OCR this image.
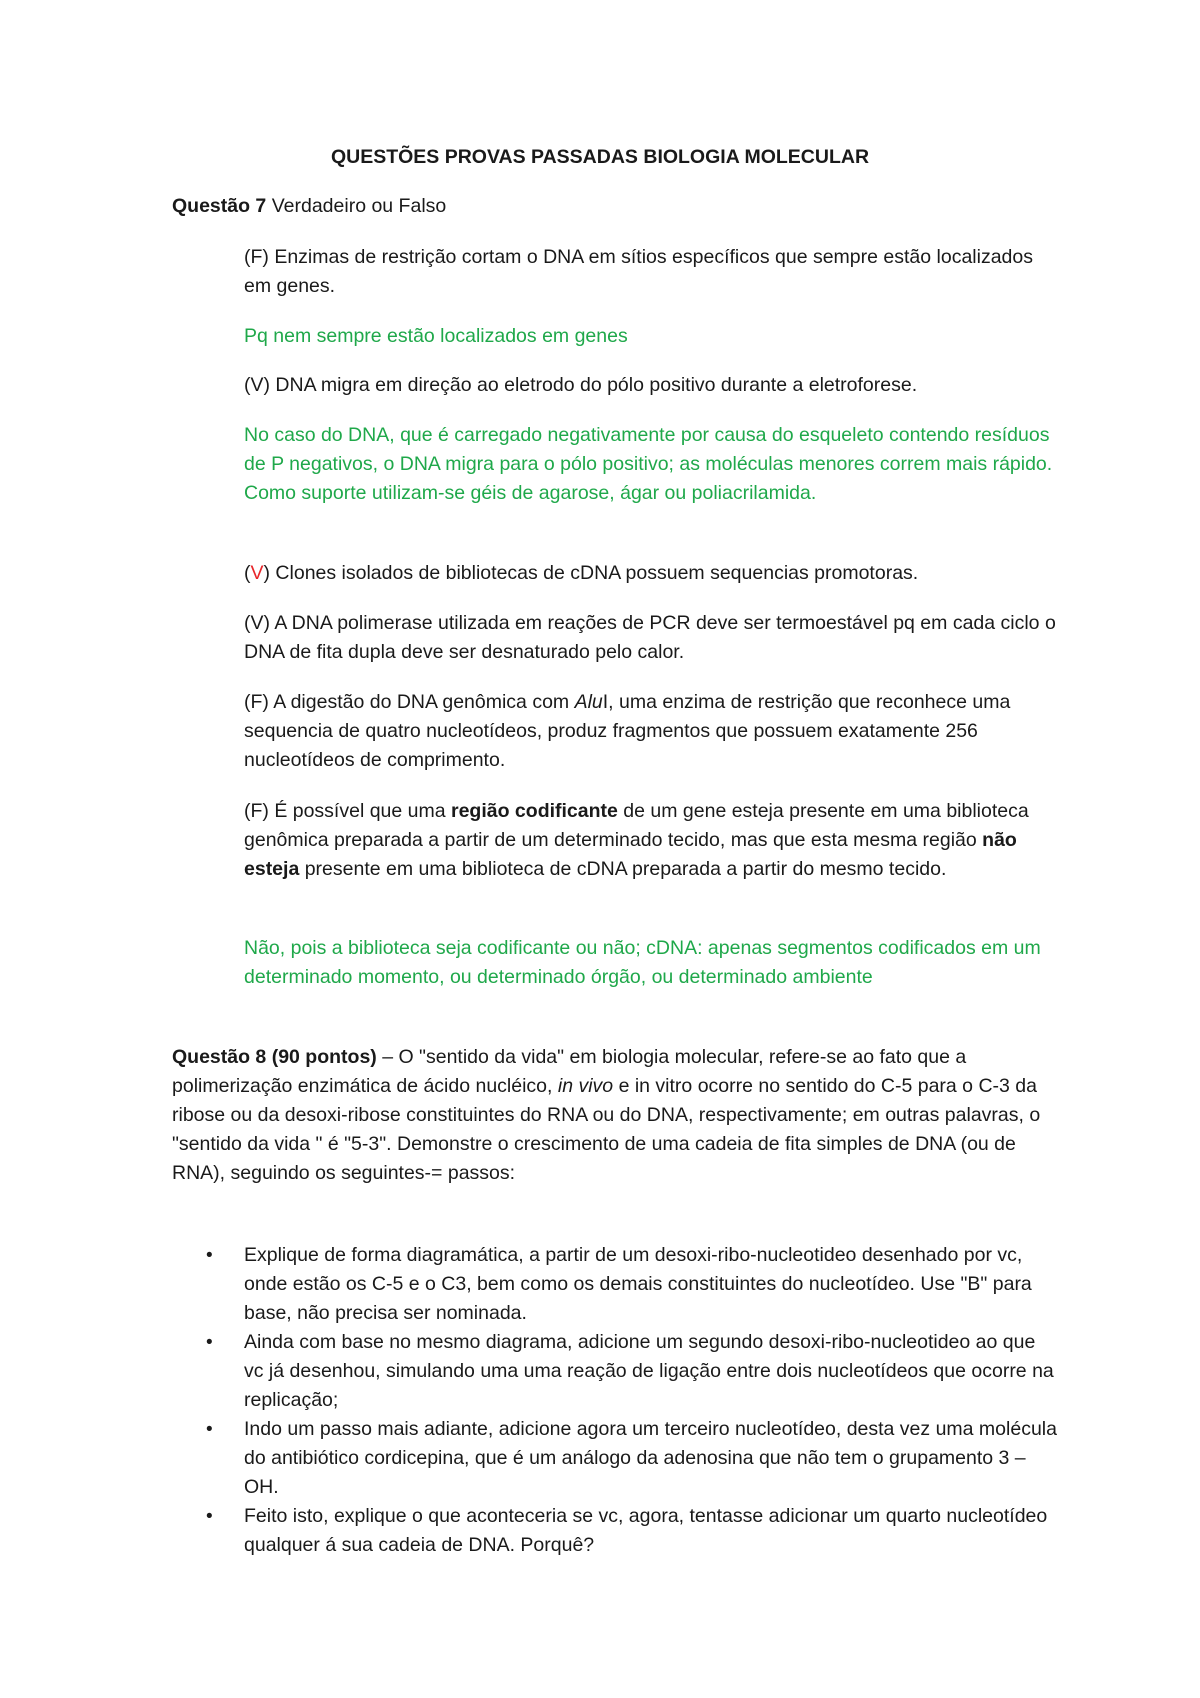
QUESTÕES PROVAS PASSADAS BIOLOGIA MOLECULAR
Questão 7 Verdadeiro ou Falso
(F) Enzimas de restrição cortam o DNA em sítios específicos que sempre estão localizados em genes.
Pq nem sempre estão localizados em genes
(V) DNA migra em direção ao eletrodo do pólo positivo durante a eletroforese.
No caso do DNA, que é carregado negativamente por causa do esqueleto contendo resíduos de P negativos, o DNA migra para o pólo positivo; as moléculas menores correm mais rápido. Como suporte utilizam-se géis de agarose, ágar ou poliacrilamida.
(V) Clones isolados de bibliotecas de cDNA possuem sequencias promotoras.
(V) A DNA polimerase utilizada em reações de PCR deve ser termoestável pq em cada ciclo o DNA de fita dupla deve ser desnaturado pelo calor.
(F) A digestão do DNA genômica com AluI, uma enzima de restrição que reconhece uma sequencia de quatro nucleotídeos, produz fragmentos que possuem exatamente 256 nucleotídeos de comprimento.
(F) É possível que uma região codificante de um gene esteja presente em uma biblioteca genômica preparada a partir de um determinado tecido, mas que esta mesma região não esteja presente em uma biblioteca de cDNA preparada a partir do mesmo tecido.
Não, pois a biblioteca seja codificante ou não; cDNA: apenas segmentos codificados em um determinado momento, ou determinado órgão, ou determinado ambiente
Questão 8 (90 pontos) – O "sentido da vida" em biologia molecular, refere-se ao fato que a polimerização enzimática de ácido nucléico, in vivo e in vitro ocorre no sentido do C-5 para o C-3 da ribose ou da desoxi-ribose constituintes do RNA ou do DNA, respectivamente; em outras palavras, o "sentido da vida " é "5-3". Demonstre o crescimento de uma cadeia de fita simples de DNA (ou de RNA), seguindo os seguintes-= passos:
• Explique de forma diagramática, a partir de um desoxi-ribo-nucleotideo desenhado por vc, onde estão os C-5 e o C3, bem como os demais constituintes do nucleotídeo. Use "B" para base, não precisa ser nominada.
• Ainda com base no mesmo diagrama, adicione um segundo desoxi-ribo-nucleotideo ao que vc já desenhou, simulando uma uma reação de ligação entre dois nucleotídeos que ocorre na replicação;
• Indo um passo mais adiante, adicione agora um terceiro nucleotídeo, desta vez uma molécula do antibiótico cordicepina, que é um análogo da adenosina que não tem o grupamento 3 – OH.
• Feito isto, explique o que aconteceria se vc, agora, tentasse adicionar um quarto nucleotídeo qualquer á sua cadeia de DNA. Porquê?
